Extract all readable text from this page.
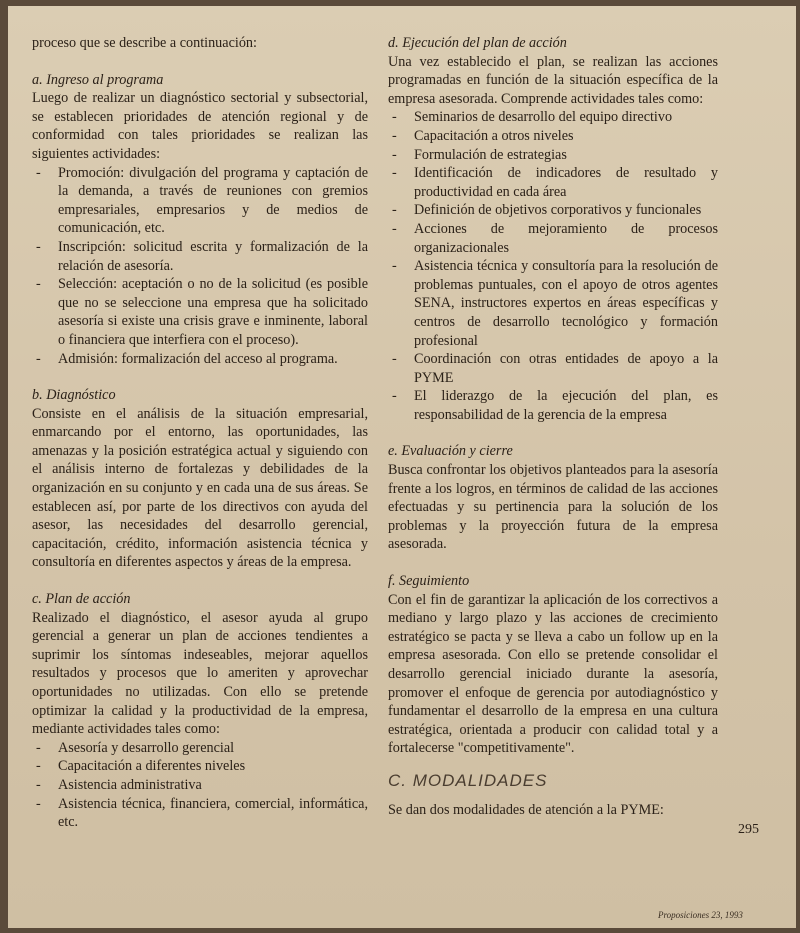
proceso que se describe a continuación:

a. Ingreso al programa

Luego de realizar un diagnóstico sectorial y subsectorial, se establecen prioridades de atención regional y de conformidad con tales prioridades se realizan las siguientes actividades:

- Promoción: divulgación del programa y captación de la demanda, a través de reuniones con gremios empresariales, empresarios y de medios de comunicación, etc.
- Inscripción: solicitud escrita y formalización de la relación de asesoría.
- Selección: aceptación o no de la solicitud (es posible que no se seleccione una empresa que ha solicitado asesoría si existe una crisis grave e inminente, laboral o financiera que interfiera con el proceso).
- Admisión: formalización del acceso al programa.

b. Diagnóstico

Consiste en el análisis de la situación empresarial, enmarcando por el entorno, las oportunidades, las amenazas y la posición estratégica actual y siguiendo con el análisis interno de fortalezas y debilidades de la organización en su conjunto y en cada una de sus áreas. Se establecen así, por parte de los directivos con ayuda del asesor, las necesidades del desarrollo gerencial, capacitación, crédito, información asistencia técnica y consultoría en diferentes aspectos y áreas de la empresa.

c. Plan de acción

Realizado el diagnóstico, el asesor ayuda al grupo gerencial a generar un plan de acciones tendientes a suprimir los síntomas indeseables, mejorar aquellos resultados y procesos que lo ameriten y aprovechar oportunidades no utilizadas. Con ello se pretende optimizar la calidad y la productividad de la empresa, mediante actividades tales como:

- Asesoría y desarrollo gerencial
- Capacitación a diferentes niveles
- Asistencia administrativa
- Asistencia técnica, financiera, comercial, informática, etc.

d. Ejecución del plan de acción

Una vez establecido el plan, se realizan las acciones programadas en función de la situación específica de la empresa asesorada. Comprende actividades tales como:

- Seminarios de desarrollo del equipo directivo
- Capacitación a otros niveles
- Formulación de estrategias
- Identificación de indicadores de resultado y productividad en cada área
- Definición de objetivos corporativos y funcionales
- Acciones de mejoramiento de procesos organizacionales
- Asistencia técnica y consultoría para la resolución de problemas puntuales, con el apoyo de otros agentes SENA, instructores expertos en áreas específicas y centros de desarrollo tecnológico y formación profesional
- Coordinación con otras entidades de apoyo a la PYME
- El liderazgo de la ejecución del plan, es responsabilidad de la gerencia de la empresa

e. Evaluación y cierre

Busca confrontar los objetivos planteados para la asesoría frente a los logros, en términos de calidad de las acciones efectuadas y su pertinencia para la solución de los problemas y la proyección futura de la empresa asesorada.

f. Seguimiento

Con el fin de garantizar la aplicación de los correctivos a mediano y largo plazo y las acciones de crecimiento estratégico se pacta y se lleva a cabo un follow up en la empresa asesorada. Con ello se pretende consolidar el desarrollo gerencial iniciado durante la asesoría, promover el enfoque de gerencia por autodiagnóstico y fundamentar el desarrollo de la empresa en una cultura estratégica, orientada a producir con calidad total y a fortalecerse "competitivamente".

C. MODALIDADES

Se dan dos modalidades de atención a la PYME:

295
Proposiciones 23, 1993
